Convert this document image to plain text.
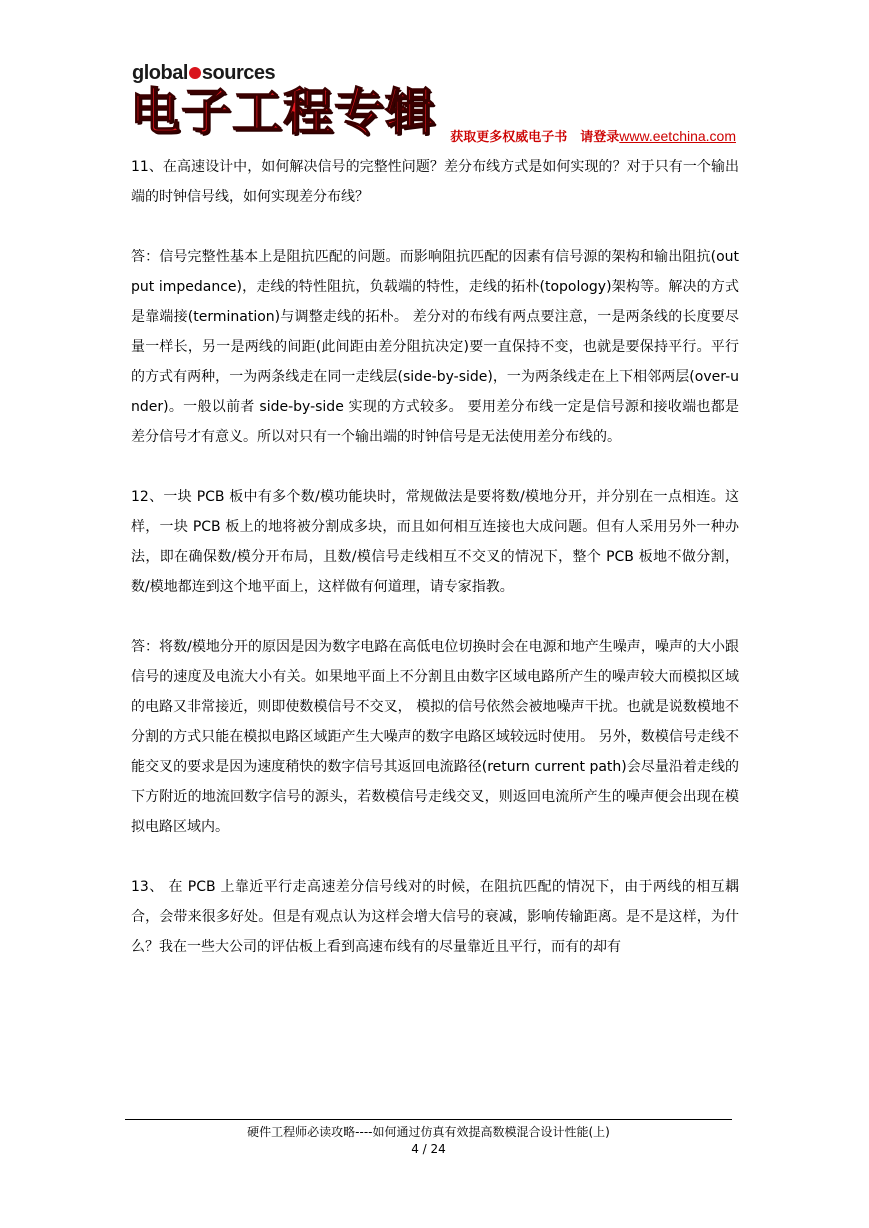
global sources
电子工程专辑 获取更多权威电子书　请登录www.eetchina.com

11、在高速设计中，如何解决信号的完整性问题？差分布线方式是如何实现的？对于只有一个输出端的时钟信号线，如何实现差分布线？

答：信号完整性基本上是阻抗匹配的问题。而影响阻抗匹配的因素有信号源的架构和输出阻抗(output impedance)，走线的特性阻抗，负载端的特性，走线的拓朴(topology)架构等。解决的方式是靠端接(termination)与调整走线的拓朴。 差分对的布线有两点要注意，一是两条线的长度要尽量一样长，另一是两线的间距(此间距由差分阻抗决定)要一直保持不变，也就是要保持平行。平行的方式有两种，一为两条线走在同一走线层(side-by-side)，一为两条线走在上下相邻两层(over-under)。一般以前者 side-by-side 实现的方式较多。 要用差分布线一定是信号源和接收端也都是差分信号才有意义。所以对只有一个输出端的时钟信号是无法使用差分布线的。

12、一块 PCB 板中有多个数/模功能块时，常规做法是要将数/模地分开，并分别在一点相连。这样，一块 PCB 板上的地将被分割成多块，而且如何相互连接也大成问题。但有人采用另外一种办法，即在确保数/模分开布局，且数/模信号走线相互不交叉的情况下，整个 PCB 板地不做分割，数/模地都连到这个地平面上，这样做有何道理，请专家指教。

答：将数/模地分开的原因是因为数字电路在高低电位切换时会在电源和地产生噪声，噪声的大小跟信号的速度及电流大小有关。如果地平面上不分割且由数字区域电路所产生的噪声较大而模拟区域的电路又非常接近，则即使数模信号不交叉， 模拟的信号依然会被地噪声干扰。也就是说数模地不分割的方式只能在模拟电路区域距产生大噪声的数字电路区域较远时使用。 另外，数模信号走线不能交叉的要求是因为速度稍快的数字信号其返回电流路径(return current path)会尽量沿着走线的下方附近的地流回数字信号的源头，若数模信号走线交叉，则返回电流所产生的噪声便会出现在模拟电路区域内。

13、 在 PCB 上靠近平行走高速差分信号线对的时候，在阻抗匹配的情况下，由于两线的相互耦合，会带来很多好处。但是有观点认为这样会增大信号的衰减，影响传输距离。是不是这样，为什么？我在一些大公司的评估板上看到高速布线有的尽量靠近且平行，而有的却有

硬件工程师必读攻略----如何通过仿真有效提高数模混合设计性能(上)
4 / 24
